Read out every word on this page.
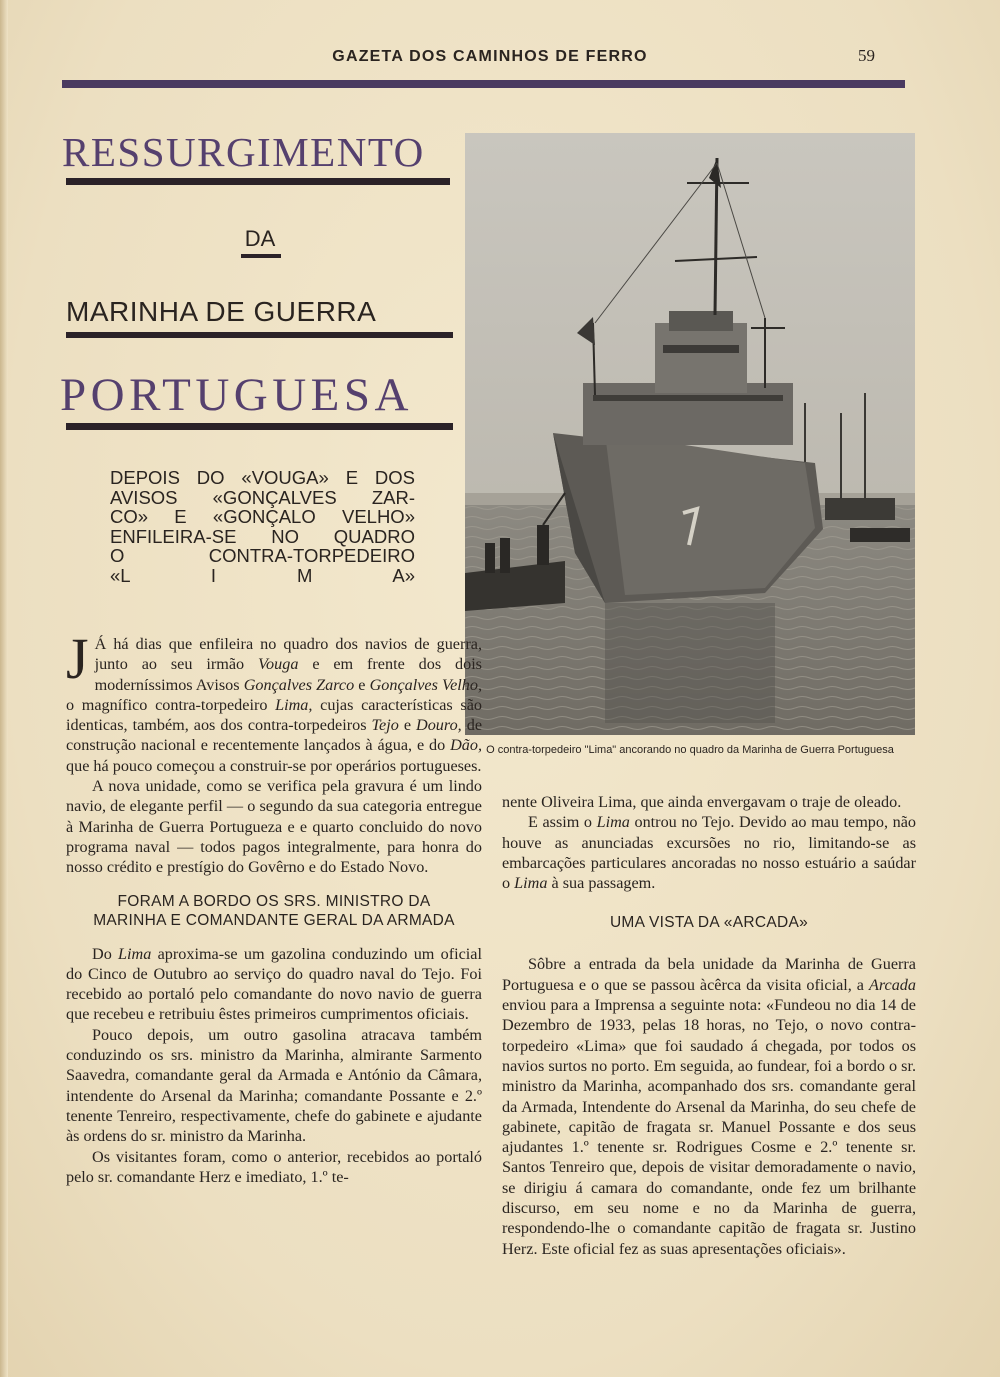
GAZETA DOS CAMINHOS DE FERRO	59
RESSURGIMENTO
DA
MARINHA DE GUERRA
PORTUGUESA
DEPOIS DO «VOUGA» E DOS
AVISOS «GONÇALVES ZAR-
CO» E «GONÇALO VELHO»
ENFILEIRA-SE NO QUADRO
O CONTRA-TORPEDEIRO
«L I M A»
O contra-torpedeiro "Lima" ancorando no quadro da Marinha de Guerra Portuguesa

J Á há dias que enfileira no quadro dos navios de guerra, junto ao seu irmão Vouga e em frente dos dois moderníssimos Avisos Gonçalves Zarco e Gonçalves Velho, o magnífico contra-torpedeiro Lima, cujas características são identicas, também, aos dos contra-torpedeiros Tejo e Douro, de construção nacional e recentemente lançados à água, e do Dão, que há pouco começou a construir-se por operários portugueses.

A nova unidade, como se verifica pela gravura é um lindo navio, de elegante perfil — o segundo da sua categoria entregue à Marinha de Guerra Portugueza e e quarto concluido do novo programa naval — todos pagos integralmente, para honra do nosso crédito e prestígio do Govêrno e do Estado Novo.

FORAM A BORDO OS SRS. MINISTRO DA MARINHA E COMANDANTE GERAL DA ARMADA

Do Lima aproxima-se um gazolina conduzindo um oficial do Cinco de Outubro ao serviço do quadro naval do Tejo. Foi recebido ao portaló pelo comandante do novo navio de guerra que recebeu e retribuiu êstes primeiros cumprimentos oficiais.

Pouco depois, um outro gasolina atracava também conduzindo os srs. ministro da Marinha, almirante Sarmento Saavedra, comandante geral da Armada e António da Câmara, intendente do Arsenal da Marinha; comandante Possante e 2.º tenente Tenreiro, respectivamente, chefe do gabinete e ajudante às ordens do sr. ministro da Marinha.

Os visitantes foram, como o anterior, recebidos ao portaló pelo sr. comandante Herz e imediato, 1.º te-

nente Oliveira Lima, que ainda envergavam o traje de oleado.

E assim o Lima ontrou no Tejo. Devido ao mau tempo, não houve as anunciadas excursões no rio, limitando-se as embarcações particulares ancoradas no nosso estuário a saúdar o Lima à sua passagem.

UMA VISTA DA «ARCADA»

Sôbre a entrada da bela unidade da Marinha de Guerra Portuguesa e o que se passou àcêrca da visita oficial, a Arcada enviou para a Imprensa a seguinte nota: «Fundeou no dia 14 de Dezembro de 1933, pelas 18 horas, no Tejo, o novo contra-torpedeiro «Lima» que foi saudado á chegada, por todos os navios surtos no porto. Em seguida, ao fundear, foi a bordo o sr. ministro da Marinha, acompanhado dos srs. comandante geral da Armada, Intendente do Arsenal da Marinha, do seu chefe de gabinete, capitão de fragata sr. Manuel Possante e dos seus ajudantes 1.º tenente sr. Rodrigues Cosme e 2.º tenente sr. Santos Tenreiro que, depois de visitar demoradamente o navio, se dirigiu á camara do comandante, onde fez um brilhante discurso, em seu nome e no da Marinha de guerra, respondendo-lhe o comandante capitão de fragata sr. Justino Herz. Este oficial fez as suas apresentações oficiais».
